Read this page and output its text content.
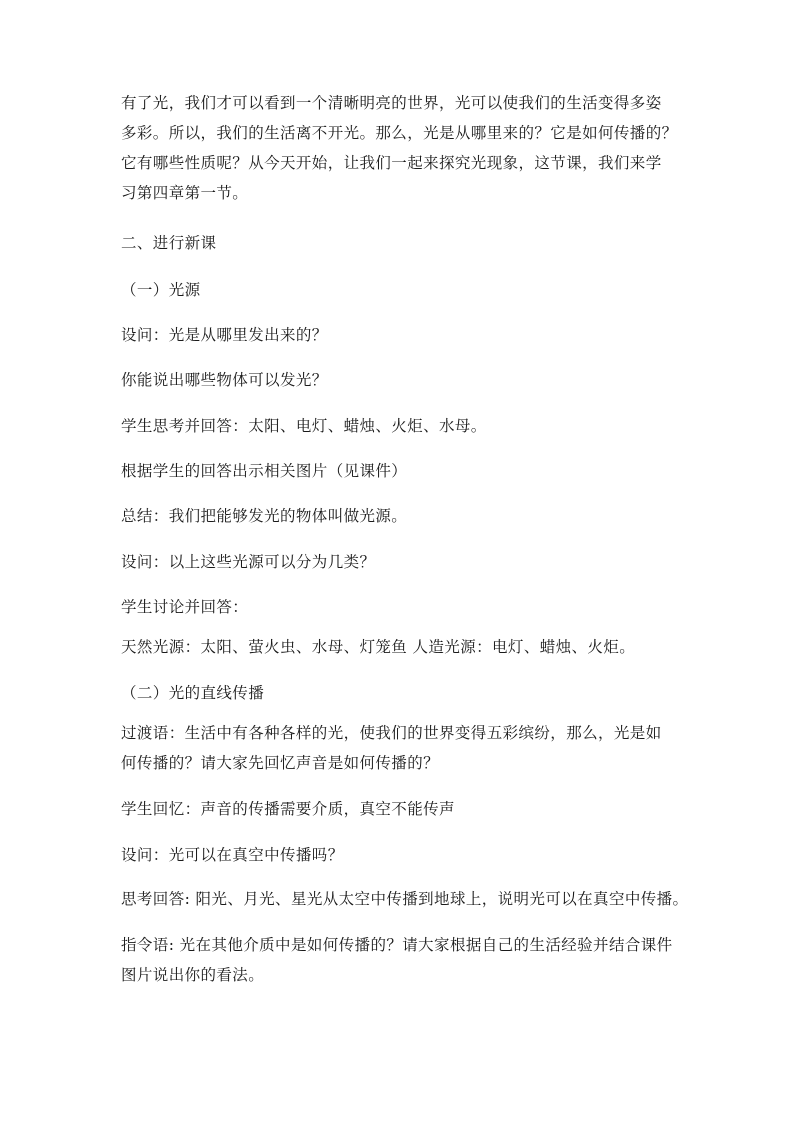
有了光，我们才可以看到一个清晰明亮的世界，光可以使我们的生活变得多姿
多彩。所以，我们的生活离不开光。那么，光是从哪里来的？它是如何传播的？
它有哪些性质呢？从今天开始，让我们一起来探究光现象，这节课，我们来学
习第四章第一节。

二、进行新课

（一）光源

设问：光是从哪里发出来的？

你能说出哪些物体可以发光？

学生思考并回答：太阳、电灯、蜡烛、火炬、水母。

根据学生的回答出示相关图片（见课件）

总结：我们把能够发光的物体叫做光源。

设问：以上这些光源可以分为几类？

学生讨论并回答：

天然光源：太阳、萤火虫、水母、灯笼鱼 人造光源：电灯、蜡烛、火炬。

（二）光的直线传播

过渡语：生活中有各种各样的光，使我们的世界变得五彩缤纷，那么，光是如
何传播的？请大家先回忆声音是如何传播的？

学生回忆：声音的传播需要介质，真空不能传声

设问：光可以在真空中传播吗？

思考回答: 阳光、月光、星光从太空中传播到地球上，说明光可以在真空中传播。

指令语: 光在其他介质中是如何传播的？请大家根据自己的生活经验并结合课件
图片说出你的看法。
